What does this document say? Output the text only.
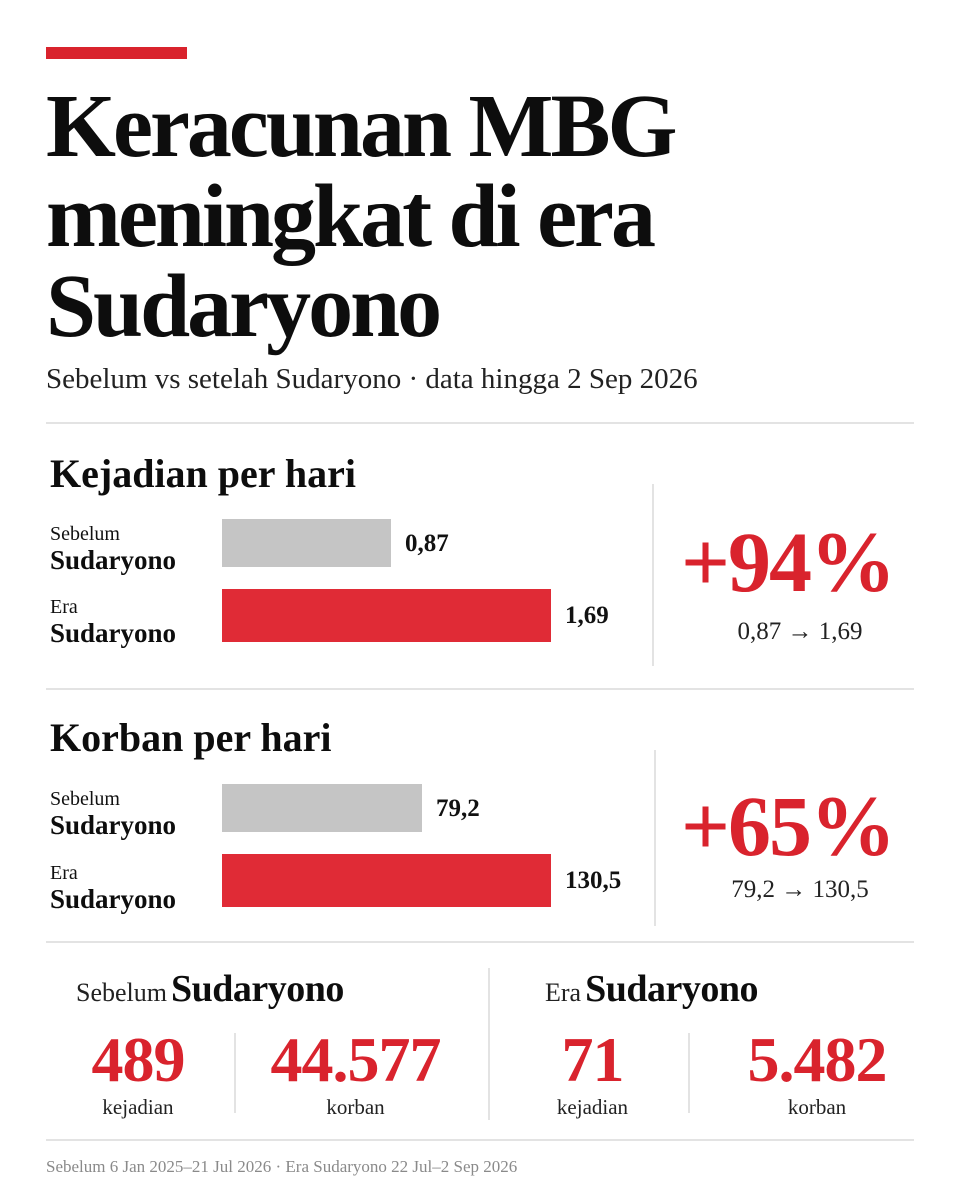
Keracunan MBG
meningkat di era
Sudaryono
Sebelum vs setelah Sudaryono · data hingga 2 Sep 2026
Kejadian per hari
Sebelum
Sudaryono
0,87
Era
Sudaryono
1,69
+94%
0,87 → 1,69
Korban per hari
Sebelum
Sudaryono
79,2
Era
Sudaryono
130,5
+65%
79,2 → 130,5
Sebelum Sudaryono
489
kejadian
44.577
korban
Era Sudaryono
71
kejadian
5.482
korban
Sebelum 6 Jan 2025–21 Jul 2026 · Era Sudaryono 22 Jul–2 Sep 2026
